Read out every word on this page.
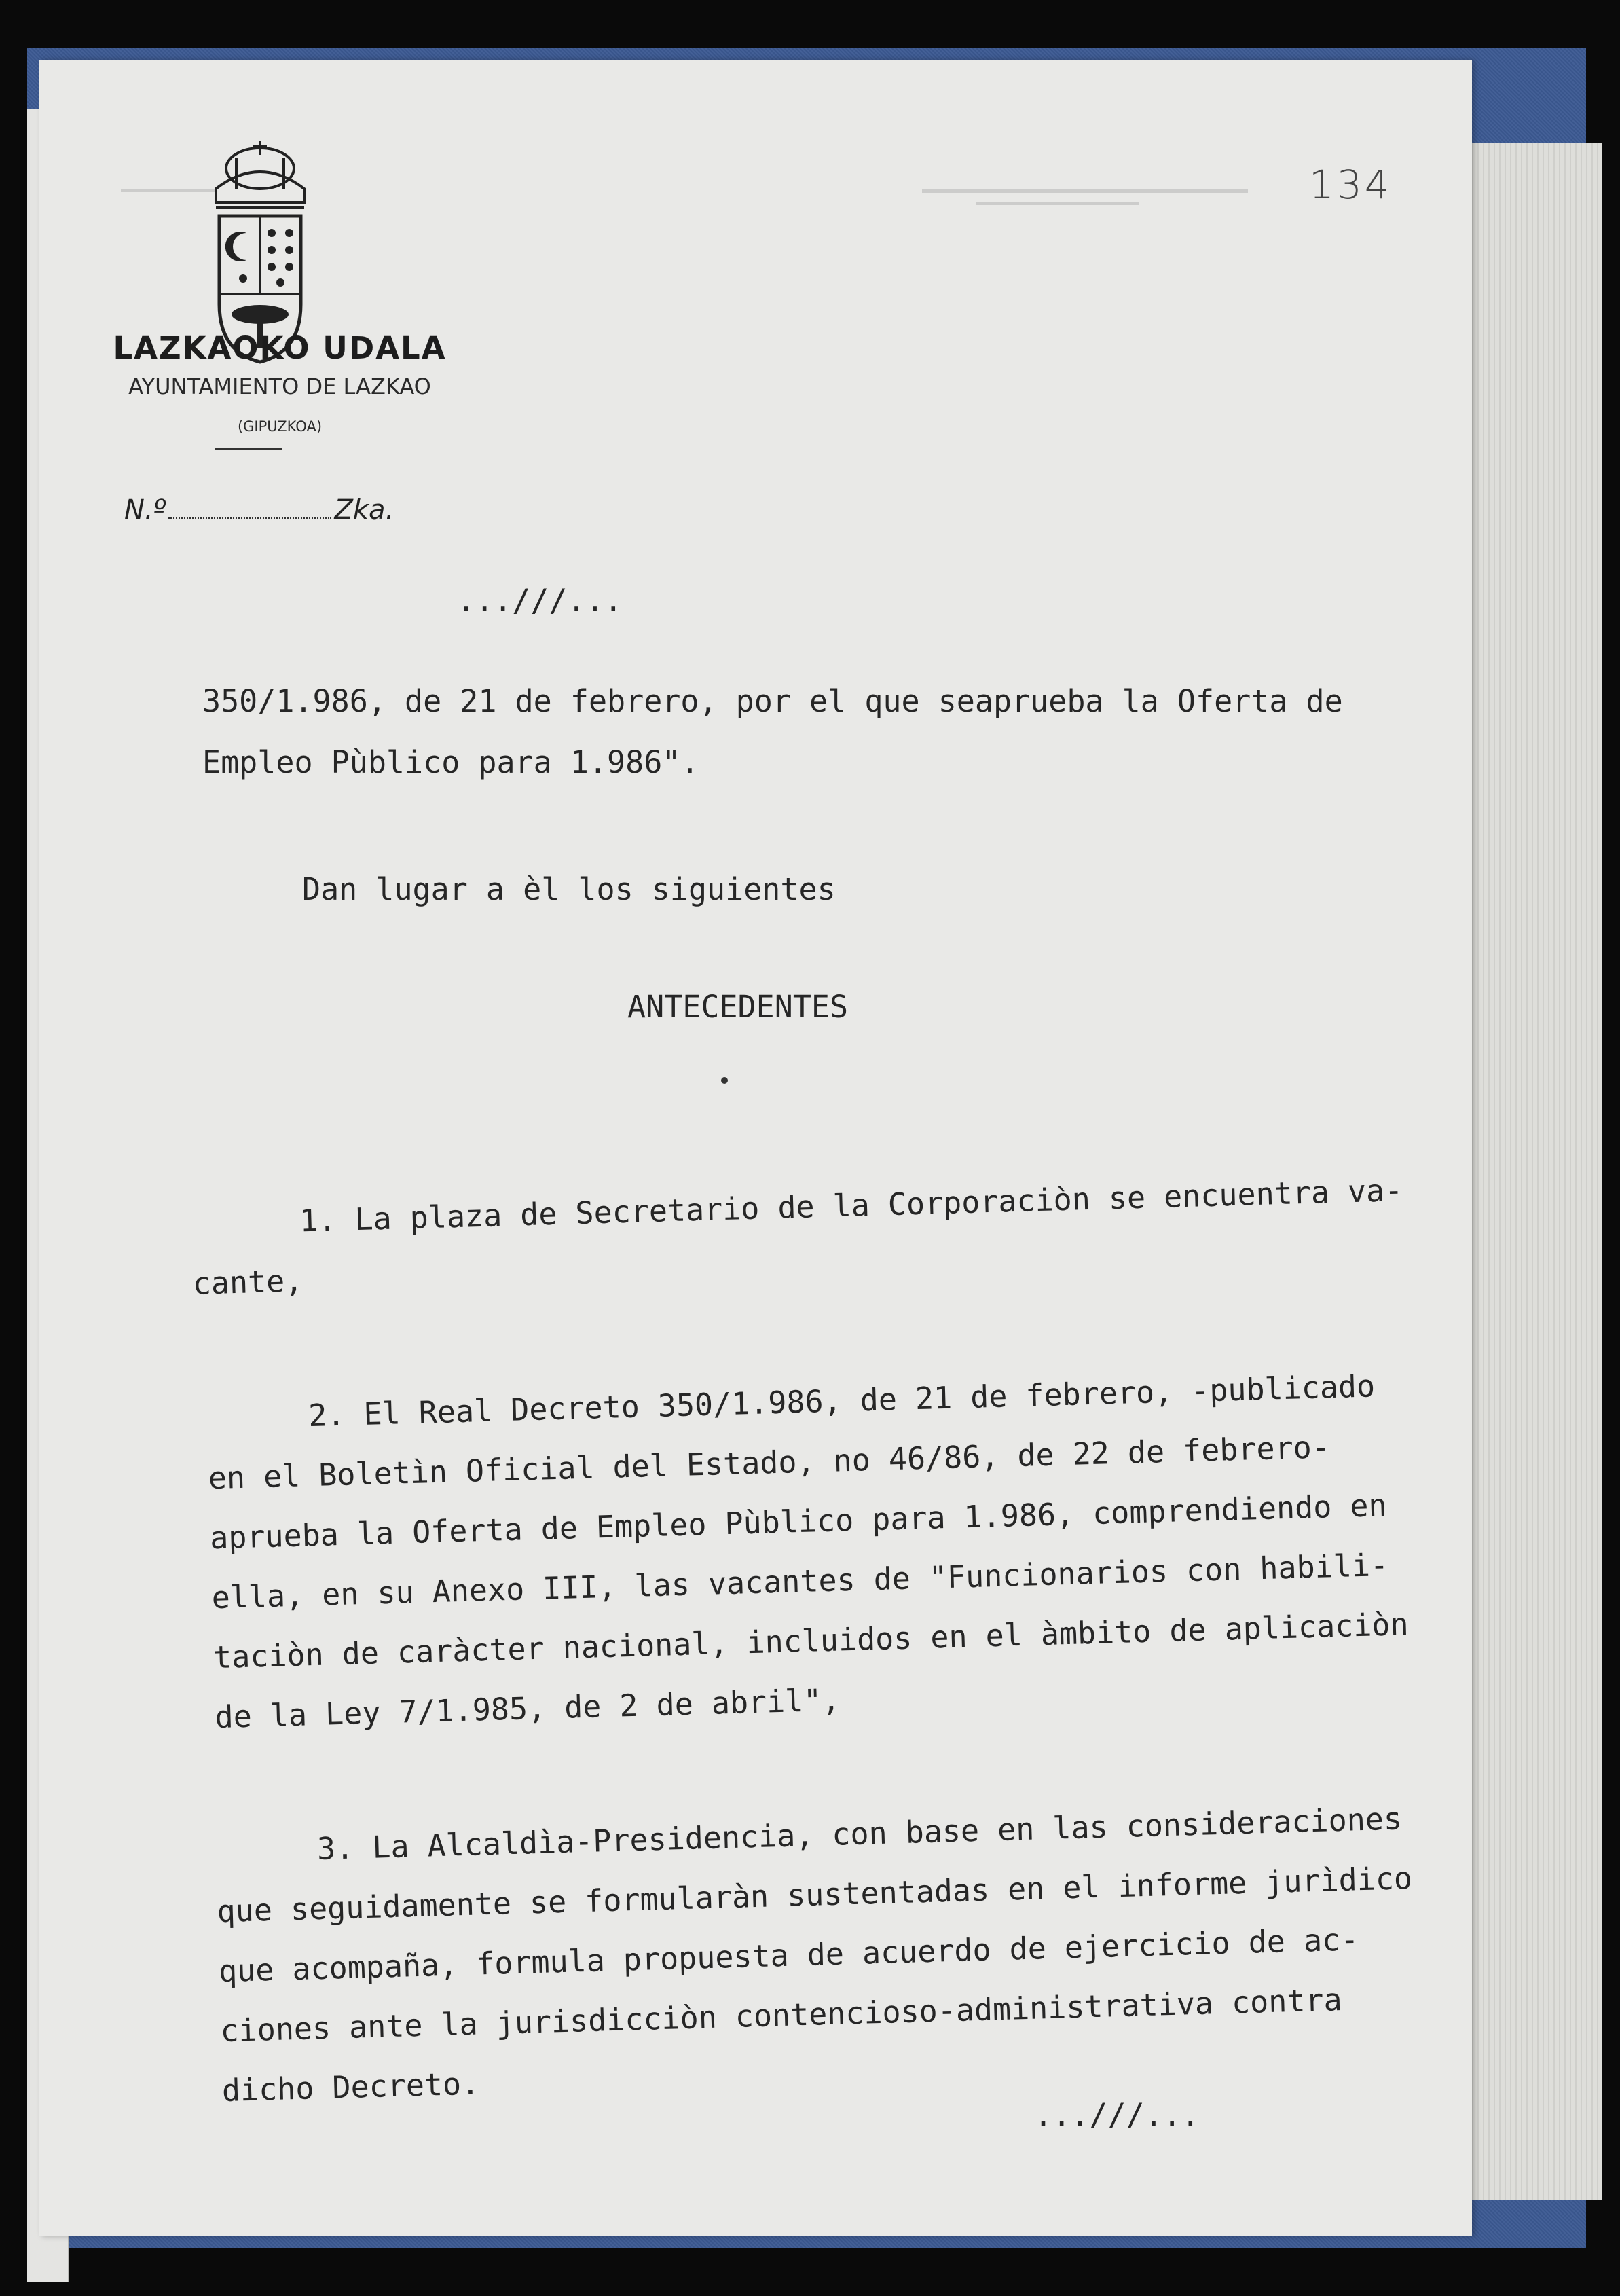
LAZKAOKO UDALA
AYUNTAMIENTO DE LAZKAO
(GIPUZKOA)
N.º	Zka.
134
...///...
350/1.986, de 21 de febrero, por el que seaprueba la Oferta de
Empleo Pùblico para 1.986".
Dan lugar a èl los siguientes
ANTECEDENTES
1. La plaza de Secretario de la Corporaciòn se encuentra va-
cante,
2. El Real Decreto 350/1.986, de 21 de febrero, -publicado
en el Boletìn Oficial del Estado, no 46/86, de 22 de febrero-
aprueba la Oferta de Empleo Pùblico para 1.986, comprendiendo en
ella, en su Anexo III, las vacantes de "Funcionarios con habili-
taciòn de caràcter nacional, incluidos en el àmbito de aplicaciòn
de la Ley 7/1.985, de 2 de abril",
3. La Alcaldìa-Presidencia, con base en las consideraciones
que seguidamente se formularàn sustentadas en el informe jurìdico
que acompaña, formula propuesta de acuerdo de ejercicio de ac-
ciones ante la jurisdicciòn contencioso-administrativa contra
dicho Decreto.
...///...
